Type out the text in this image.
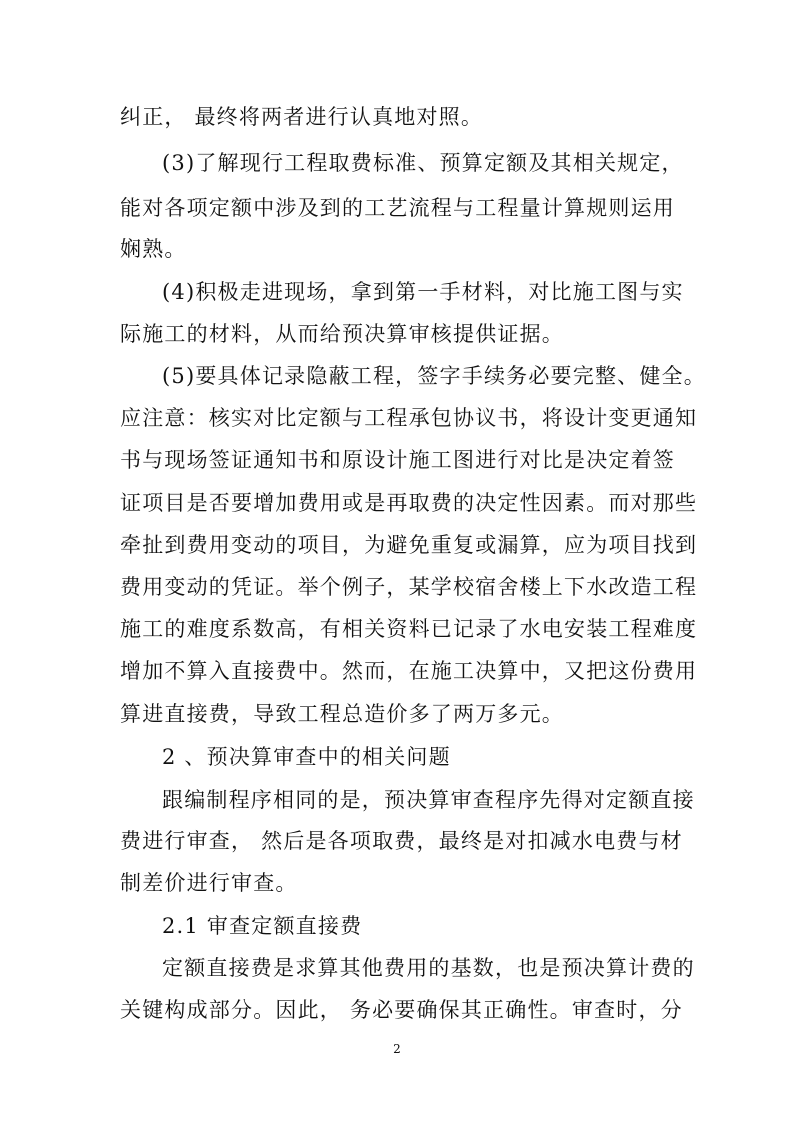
纠正， 最终将两者进行认真地对照。
(3)了解现行工程取费标准、预算定额及其相关规定，
能对各项定额中涉及到的工艺流程与工程量计算规则运用
娴熟。
(4)积极走进现场，拿到第一手材料，对比施工图与实
际施工的材料，从而给预决算审核提供证据。
(5)要具体记录隐蔽工程，签字手续务必要完整、健全。
应注意：核实对比定额与工程承包协议书，将设计变更通知
书与现场签证通知书和原设计施工图进行对比是决定着签
证项目是否要增加费用或是再取费的决定性因素。而对那些
牵扯到费用变动的项目，为避免重复或漏算，应为项目找到
费用变动的凭证。举个例子，某学校宿舍楼上下水改造工程
施工的难度系数高，有相关资料已记录了水电安装工程难度
增加不算入直接费中。然而，在施工决算中，又把这份费用
算进直接费，导致工程总造价多了两万多元。
2 、预决算审查中的相关问题
跟编制程序相同的是，预决算审查程序先得对定额直接
费进行审查， 然后是各项取费，最终是对扣减水电费与材
制差价进行审查。
2.1 审查定额直接费
定额直接费是求算其他费用的基数，也是预决算计费的
关键构成部分。因此， 务必要确保其正确性。审查时，分
2
